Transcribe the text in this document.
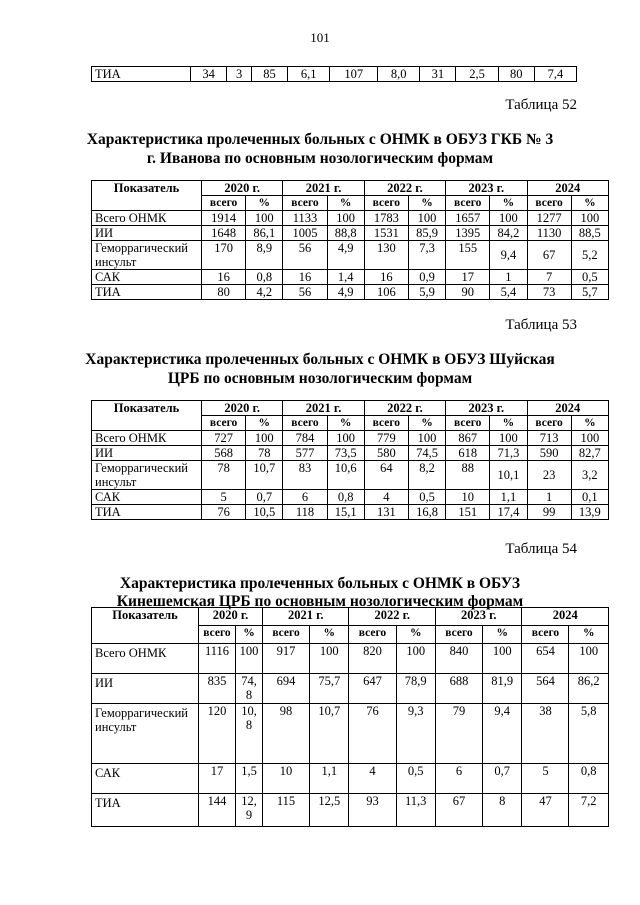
101
ТИА	34	3	85	6,1	107	8,0	31	2,5	80	7,4
Таблица 52
Характеристика пролеченных больных с ОНМК в ОБУЗ ГКБ № 3
г. Иванова по основным нозологическим формам
Показатель	2020 г.		2021 г.		2022 г.		2023 г.		2024	
	всего	%	всего	%	всего	%	всего	%	всего	%
Всего ОНМК	1914	100	1133	100	1783	100	1657	100	1277	100
ИИ	1648	86,1	1005	88,8	1531	85,9	1395	84,2	1130	88,5
Геморрагический инсульт	170	8,9	56	4,9	130	7,3	155	9,4	67	5,2
САК	16	0,8	16	1,4	16	0,9	17	1	7	0,5
ТИА	80	4,2	56	4,9	106	5,9	90	5,4	73	5,7
Таблица 53
Характеристика пролеченных больных с ОНМК в ОБУЗ Шуйская
ЦРБ по основным нозологическим формам
Показатель	2020 г.		2021 г.		2022 г.		2023 г.		2024	
	всего	%	всего	%	всего	%	всего	%	всего	%
Всего ОНМК	727	100	784	100	779	100	867	100	713	100
ИИ	568	78	577	73,5	580	74,5	618	71,3	590	82,7
Геморрагический инсульт	78	10,7	83	10,6	64	8,2	88	10,1	23	3,2
САК	5	0,7	6	0,8	4	0,5	10	1,1	1	0,1
ТИА	76	10,5	118	15,1	131	16,8	151	17,4	99	13,9
Таблица 54
Характеристика пролеченных больных с ОНМК в ОБУЗ
Кинешемская ЦРБ по основным нозологическим формам
Показатель	2020 г.		2021 г.		2022 г.		2023 г.		2024	
	всего	%	всего	%	всего	%	всего	%	всего	%
Всего ОНМК	1116	100	917	100	820	100	840	100	654	100
ИИ	835	74,8	694	75,7	647	78,9	688	81,9	564	86,2
Геморрагический инсульт	120	10,8	98	10,7	76	9,3	79	9,4	38	5,8
САК	17	1,5	10	1,1	4	0,5	6	0,7	5	0,8
ТИА	144	12,9	115	12,5	93	11,3	67	8	47	7,2
